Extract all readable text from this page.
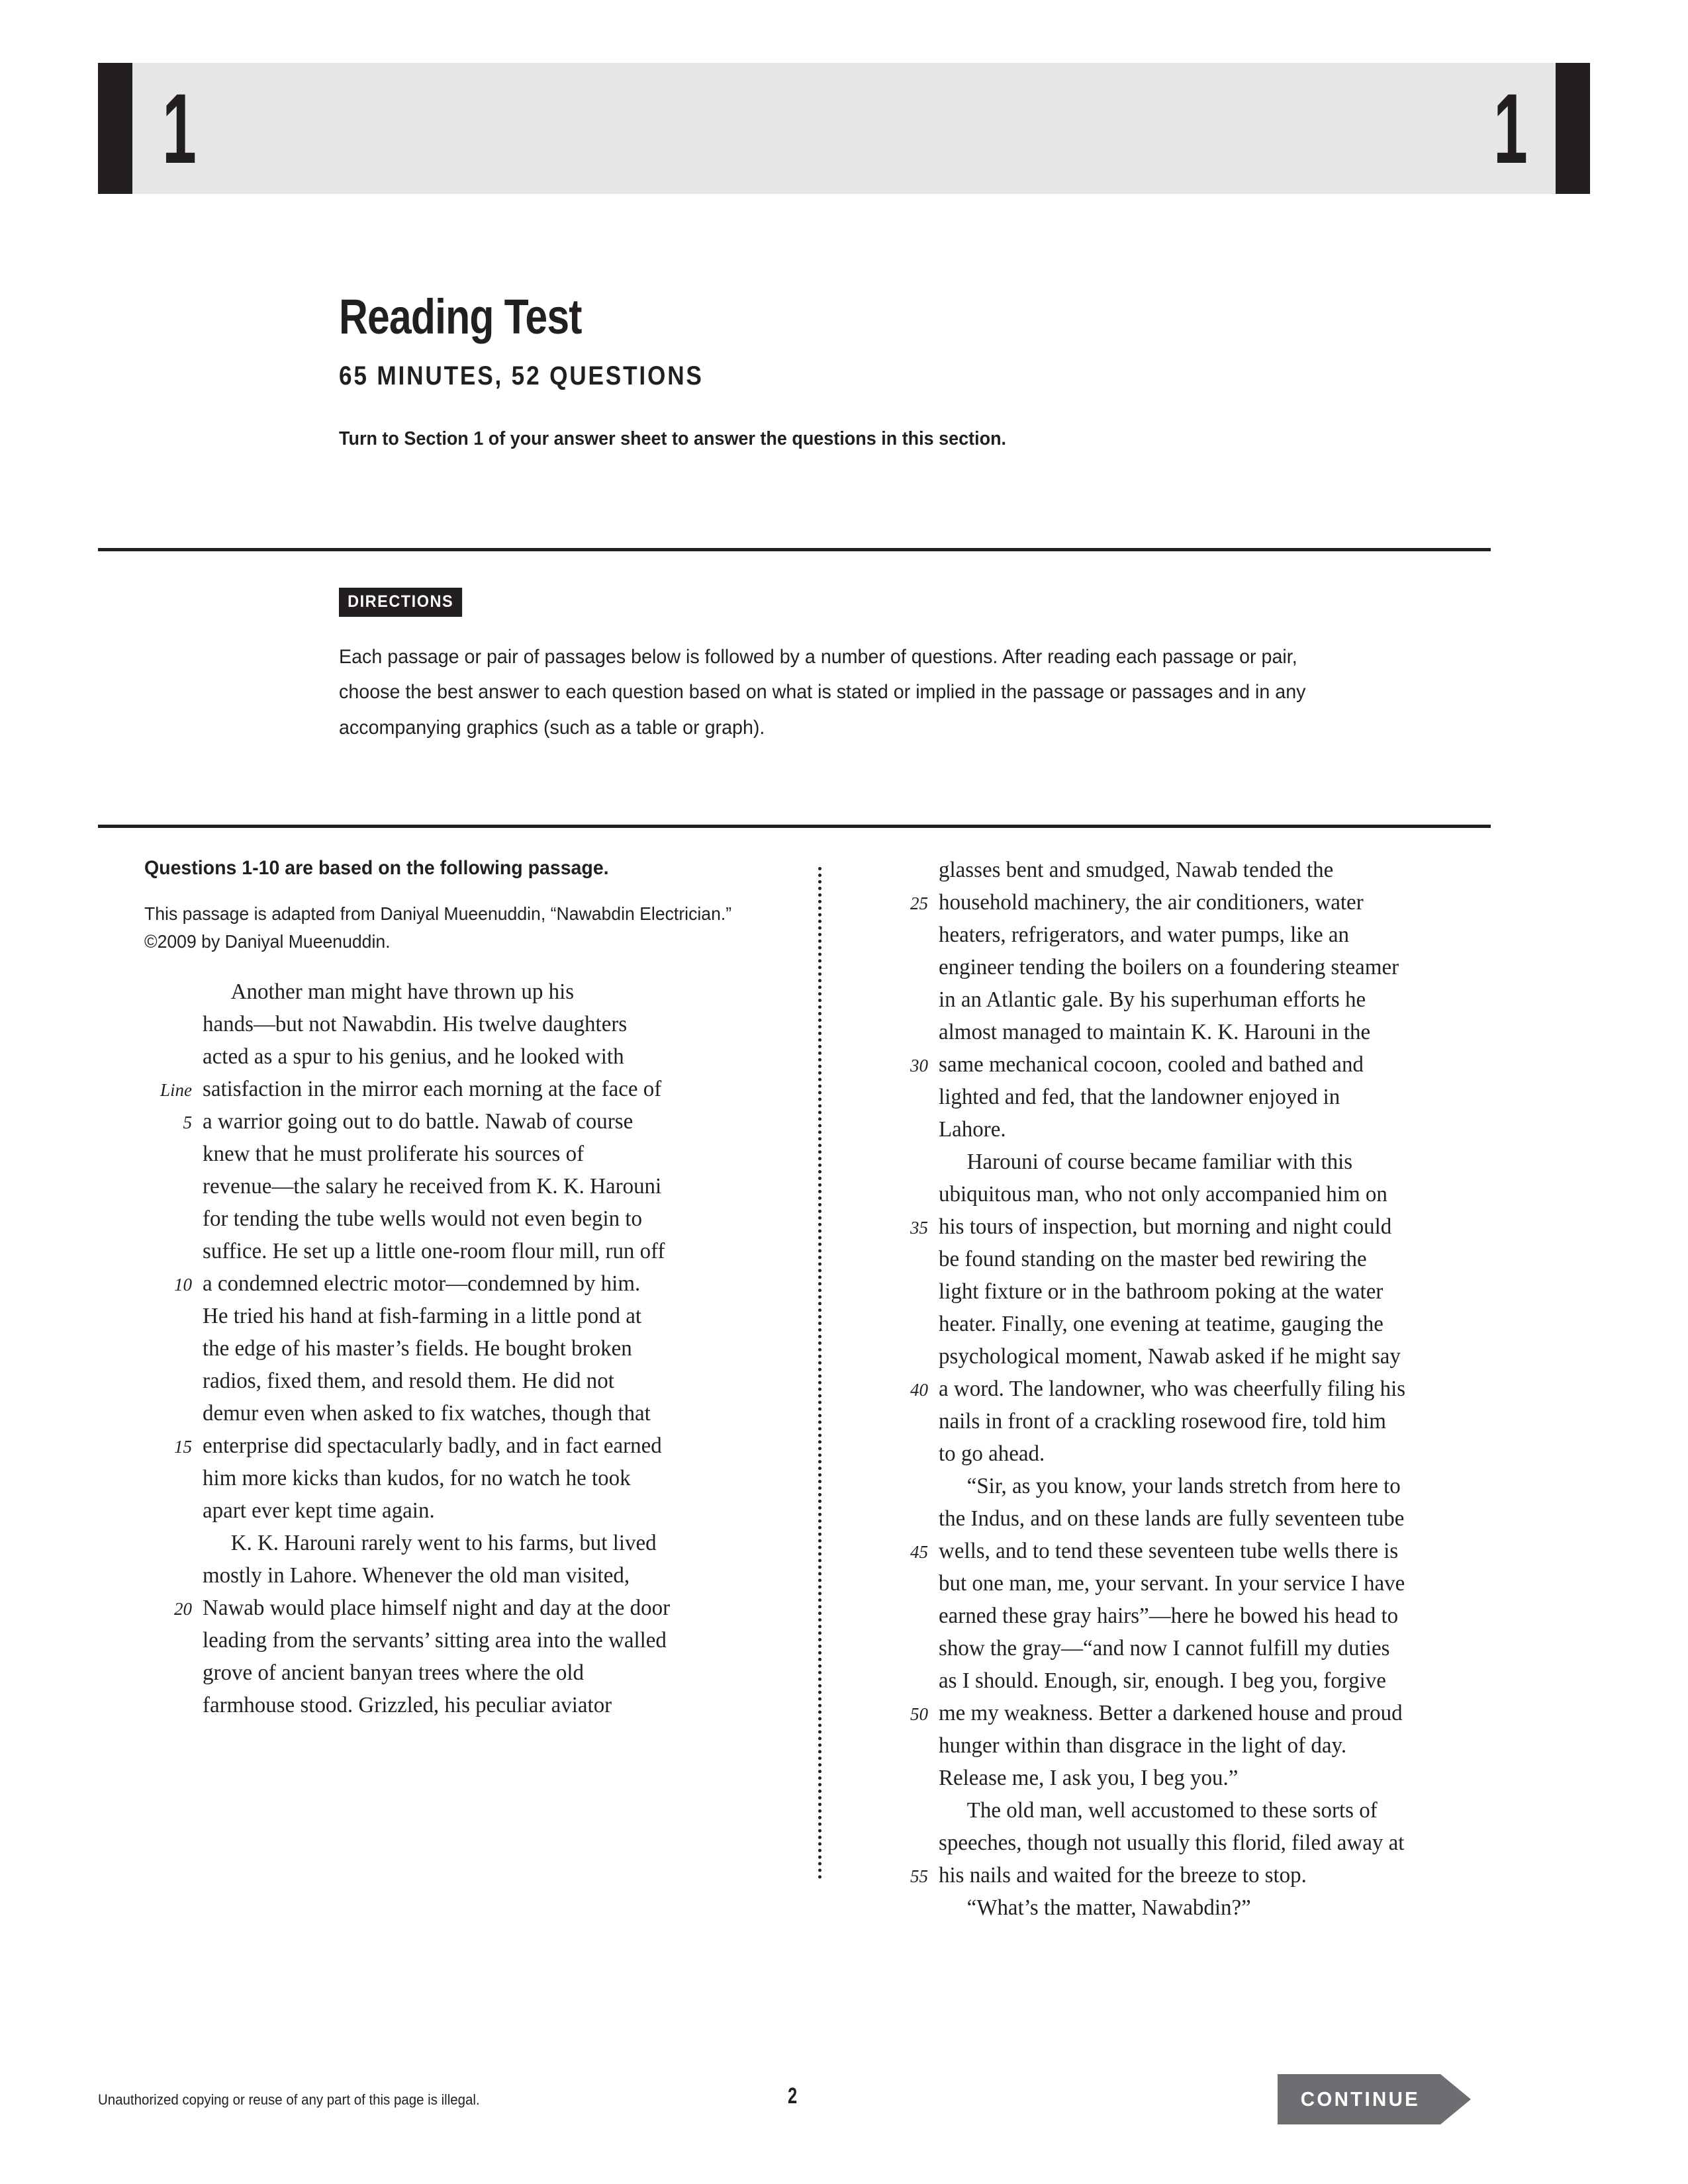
1	1
Reading Test
65 MINUTES, 52 QUESTIONS
Turn to Section 1 of your answer sheet to answer the questions in this section.
DIRECTIONS
Each passage or pair of passages below is followed by a number of questions. After reading each passage or pair, choose the best answer to each question based on what is stated or implied in the passage or passages and in any accompanying graphics (such as a table or graph).
Questions 1-10 are based on the following passage.
This passage is adapted from Daniyal Mueenuddin, “Nawabdin Electrician.” ©2009 by Daniyal Mueenuddin.
Another man might have thrown up his
hands—but not Nawabdin. His twelve daughters
acted as a spur to his genius, and he looked with
Line satisfaction in the mirror each morning at the face of
5 a warrior going out to do battle. Nawab of course
knew that he must proliferate his sources of
revenue—the salary he received from K. K. Harouni
for tending the tube wells would not even begin to
suffice. He set up a little one-room flour mill, run off
10 a condemned electric motor—condemned by him.
He tried his hand at fish-farming in a little pond at
the edge of his master’s fields. He bought broken
radios, fixed them, and resold them. He did not
demur even when asked to fix watches, though that
15 enterprise did spectacularly badly, and in fact earned
him more kicks than kudos, for no watch he took
apart ever kept time again.
K. K. Harouni rarely went to his farms, but lived
mostly in Lahore. Whenever the old man visited,
20 Nawab would place himself night and day at the door
leading from the servants’ sitting area into the walled
grove of ancient banyan trees where the old
farmhouse stood. Grizzled, his peculiar aviator
glasses bent and smudged, Nawab tended the
25 household machinery, the air conditioners, water
heaters, refrigerators, and water pumps, like an
engineer tending the boilers on a foundering steamer
in an Atlantic gale. By his superhuman efforts he
almost managed to maintain K. K. Harouni in the
30 same mechanical cocoon, cooled and bathed and
lighted and fed, that the landowner enjoyed in
Lahore.
Harouni of course became familiar with this
ubiquitous man, who not only accompanied him on
35 his tours of inspection, but morning and night could
be found standing on the master bed rewiring the
light fixture or in the bathroom poking at the water
heater. Finally, one evening at teatime, gauging the
psychological moment, Nawab asked if he might say
40 a word. The landowner, who was cheerfully filing his
nails in front of a crackling rosewood fire, told him
to go ahead.
“Sir, as you know, your lands stretch from here to
the Indus, and on these lands are fully seventeen tube
45 wells, and to tend these seventeen tube wells there is
but one man, me, your servant. In your service I have
earned these gray hairs”—here he bowed his head to
show the gray—“and now I cannot fulfill my duties
as I should. Enough, sir, enough. I beg you, forgive
50 me my weakness. Better a darkened house and proud
hunger within than disgrace in the light of day.
Release me, I ask you, I beg you.”
The old man, well accustomed to these sorts of
speeches, though not usually this florid, filed away at
55 his nails and waited for the breeze to stop.
“What’s the matter, Nawabdin?”
Unauthorized copying or reuse of any part of this page is illegal.	2	CONTINUE
